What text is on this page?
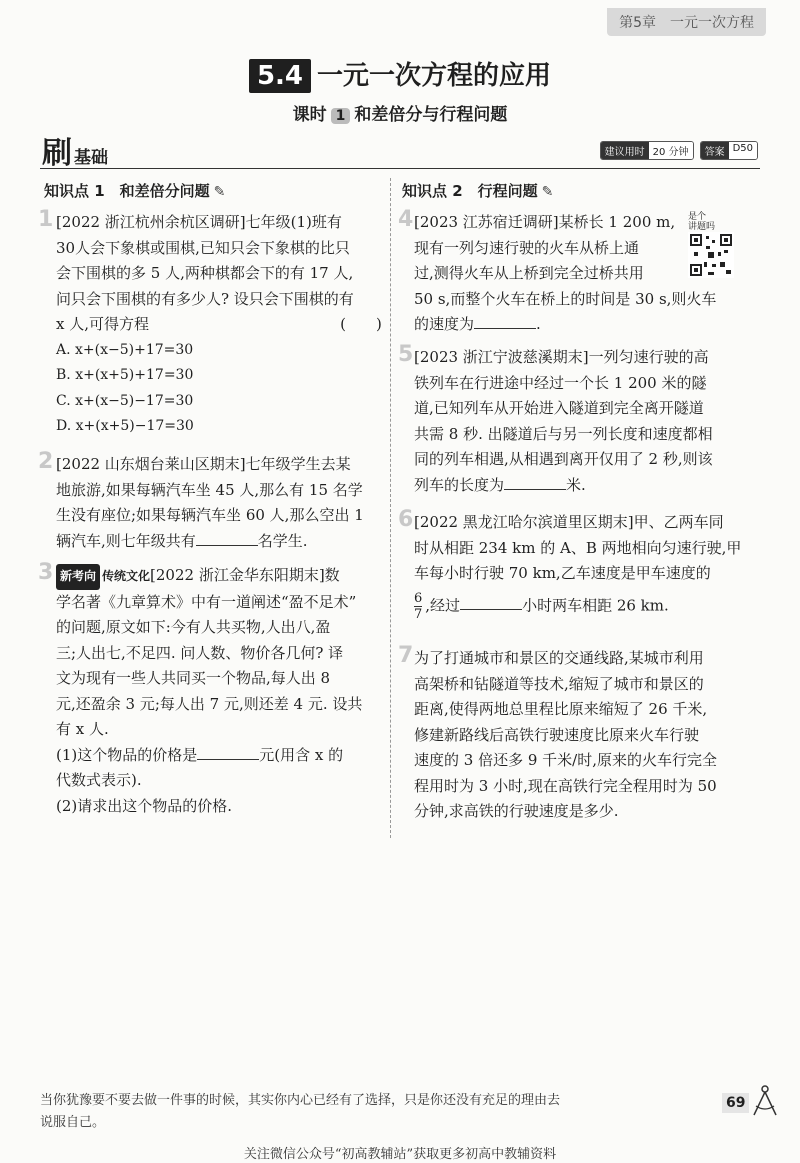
第5章　一元一次方程
5.4 一元一次方程的应用
课时 1 和差倍分与行程问题
刷基础	建议用时 20 分钟	答案 D50
知识点 1　和差倍分问题 ✎
1 [2022 浙江杭州余杭区调研]七年级(1)班有
30人会下象棋或围棋,已知只会下象棋的比只
会下围棋的多 5 人,两种棋都会下的有 17 人,
问只会下围棋的有多少人? 设只会下围棋的有
x 人,可得方程	(　　)
A. x+(x−5)+17=30
B. x+(x+5)+17=30
C. x+(x−5)−17=30
D. x+(x+5)−17=30
2 [2022 山东烟台莱山区期末]七年级学生去某
地旅游,如果每辆汽车坐 45 人,那么有 15 名学
生没有座位;如果每辆汽车坐 60 人,那么空出 1
辆汽车,则七年级共有	名学生.
3 新考向 传统文化[2022 浙江金华东阳期末]数
学名著《九章算术》中有一道阐述“盈不足术”
的问题,原文如下:今有人共买物,人出八,盈
三;人出七,不足四. 问人数、物价各几何? 译
文为现有一些人共同买一个物品,每人出 8
元,还盈余 3 元;每人出 7 元,则还差 4 元. 设共
有 x 人.
(1)这个物品的价格是	元(用含 x 的
代数式表示).
(2)请求出这个物品的价格.
知识点 2　行程问题 ✎
是个
讲题吗
4 [2023 江苏宿迁调研]某桥长 1 200 m,
现有一列匀速行驶的火车从桥上通
过,测得火车从上桥到完全过桥共用
50 s,而整个火车在桥上的时间是 30 s,则火车
的速度为	.
5 [2023 浙江宁波慈溪期末]一列匀速行驶的高
铁列车在行进途中经过一个长 1 200 米的隧
道,已知列车从开始进入隧道到完全离开隧道
共需 8 秒. 出隧道后与另一列长度和速度都相
同的列车相遇,从相遇到离开仅用了 2 秒,则该
列车的长度为	米.
6 [2022 黑龙江哈尔滨道里区期末]甲、乙两车同
时从相距 234 km 的 A、B 两地相向匀速行驶,甲
车每小时行驶 70 km,乙车速度是甲车速度的
$\frac{6}{7}$ ,经过	小时两车相距 26 km.
7 为了打通城市和景区的交通线路,某城市利用
高架桥和钻隧道等技术,缩短了城市和景区的
距离,使得两地总里程比原来缩短了 26 千米,
修建新路线后高铁行驶速度比原来火车行驶
速度的 3 倍还多 9 千米/时,原来的火车行完全
程用时为 3 小时,现在高铁行完全程用时为 50
分钟,求高铁的行驶速度是多少.
当你犹豫要不要去做一件事的时候，其实你内心已经有了选择，只是你还没有充足的理由去
说服自己。
69
关注微信公众号“初高教辅站”获取更多初高中教辅资料
